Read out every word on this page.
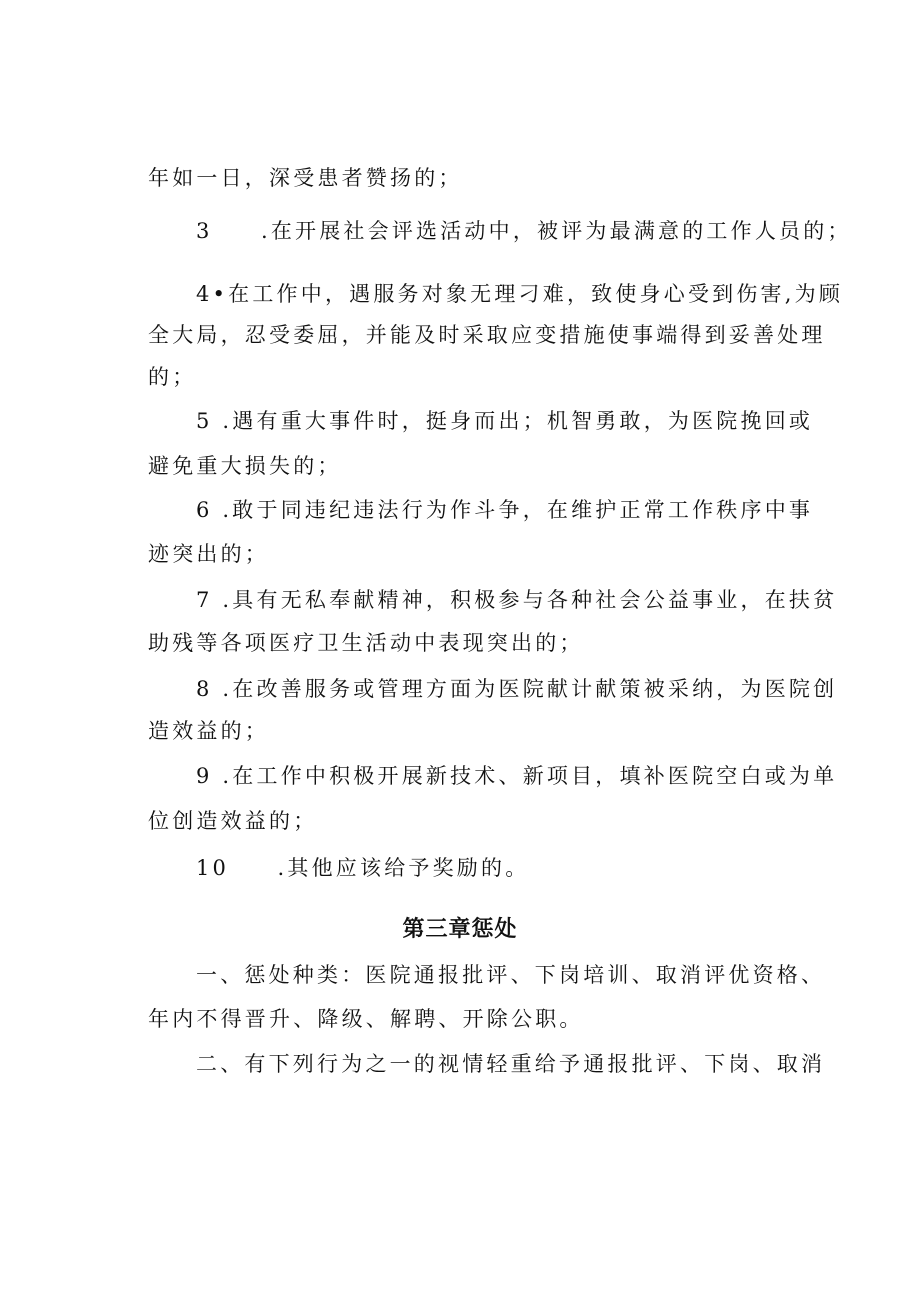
年如一日，深受患者赞扬的；
3　　.在开展社会评选活动中，被评为最满意的工作人员的；
4•在工作中，遇服务对象无理刁难，致使身心受到伤害,为顾
全大局，忍受委屈，并能及时采取应变措施使事端得到妥善处理
的；
5 .遇有重大事件时，挺身而出；机智勇敢，为医院挽回或
避免重大损失的；
6 .敢于同违纪违法行为作斗争，在维护正常工作秩序中事
迹突出的；
7 .具有无私奉献精神，积极参与各种社会公益事业，在扶贫
助残等各项医疗卫生活动中表现突出的；
8 .在改善服务或管理方面为医院献计献策被采纳，为医院创
造效益的；
9 .在工作中积极开展新技术、新项目，填补医院空白或为单
位创造效益的；
10　　.其他应该给予奖励的。
第三章惩处
一、惩处种类：医院通报批评、下岗培训、取消评优资格、
年内不得晋升、降级、解聘、开除公职。
二、有下列行为之一的视情轻重给予通报批评、下岗、取消
